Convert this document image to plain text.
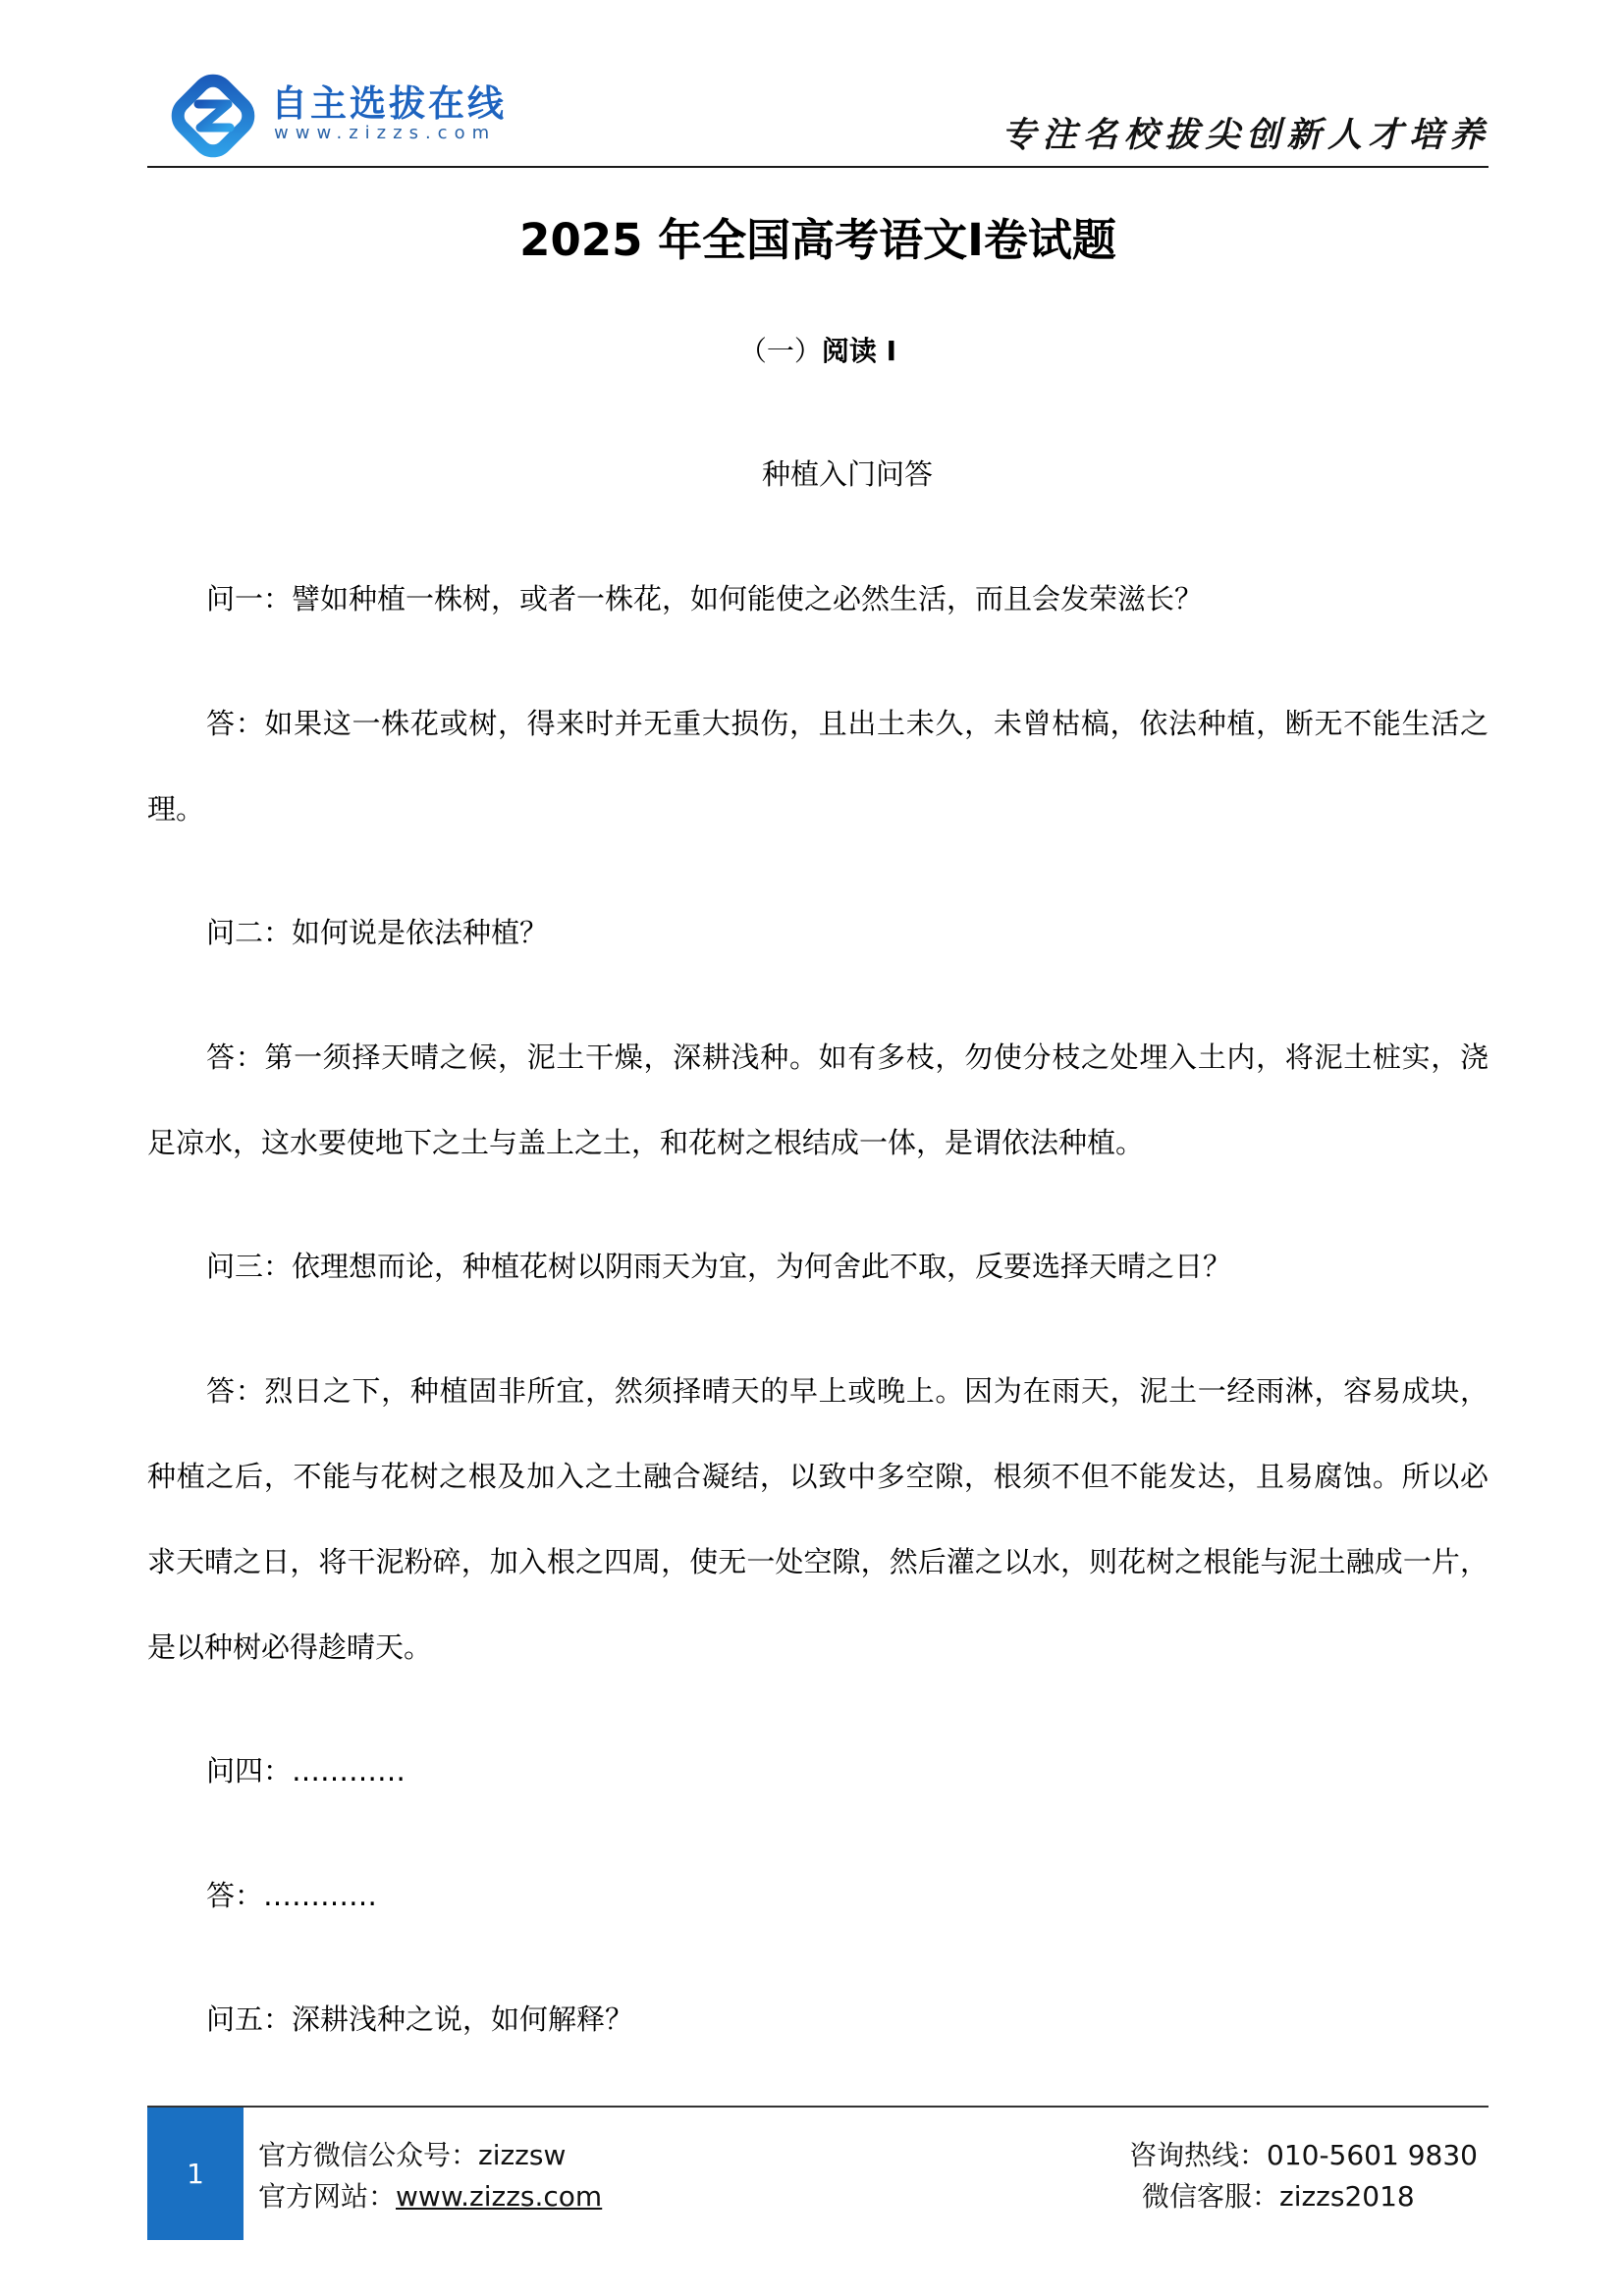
自主选拔在线
www.zizzs.com	专注名校拔尖创新人才培养
2025 年全国高考语文I卷试题
（一）阅读 I
种植入门问答
问一：譬如种植一株树，或者一株花，如何能使之必然生活，而且会发荣滋长？
答：如果这一株花或树，得来时并无重大损伤，且出土未久，未曾枯槁，依法种植，断无不能生活之
理。
问二：如何说是依法种植？
答：第一须择天晴之候，泥土干燥，深耕浅种。如有多枝，勿使分枝之处埋入土内，将泥土桩实，浇
足凉水，这水要使地下之土与盖上之土，和花树之根结成一体，是谓依法种植。
问三：依理想而论，种植花树以阴雨天为宜，为何舍此不取，反要选择天晴之日？
答：烈日之下，种植固非所宜，然须择晴天的早上或晚上。因为在雨天，泥土一经雨淋，容易成块，
种植之后，不能与花树之根及加入之土融合凝结，以致中多空隙，根须不但不能发达，且易腐蚀。所以必
求天晴之日，将干泥粉碎，加入根之四周，使无一处空隙，然后灌之以水，则花树之根能与泥土融成一片，
是以种树必得趁晴天。
问四：…………
答：…………
问五：深耕浅种之说，如何解释？
1
官方微信公众号：zizzsw
官方网站：www.zizzs.com
咨询热线：010-5601 9830
微信客服：zizzs2018
